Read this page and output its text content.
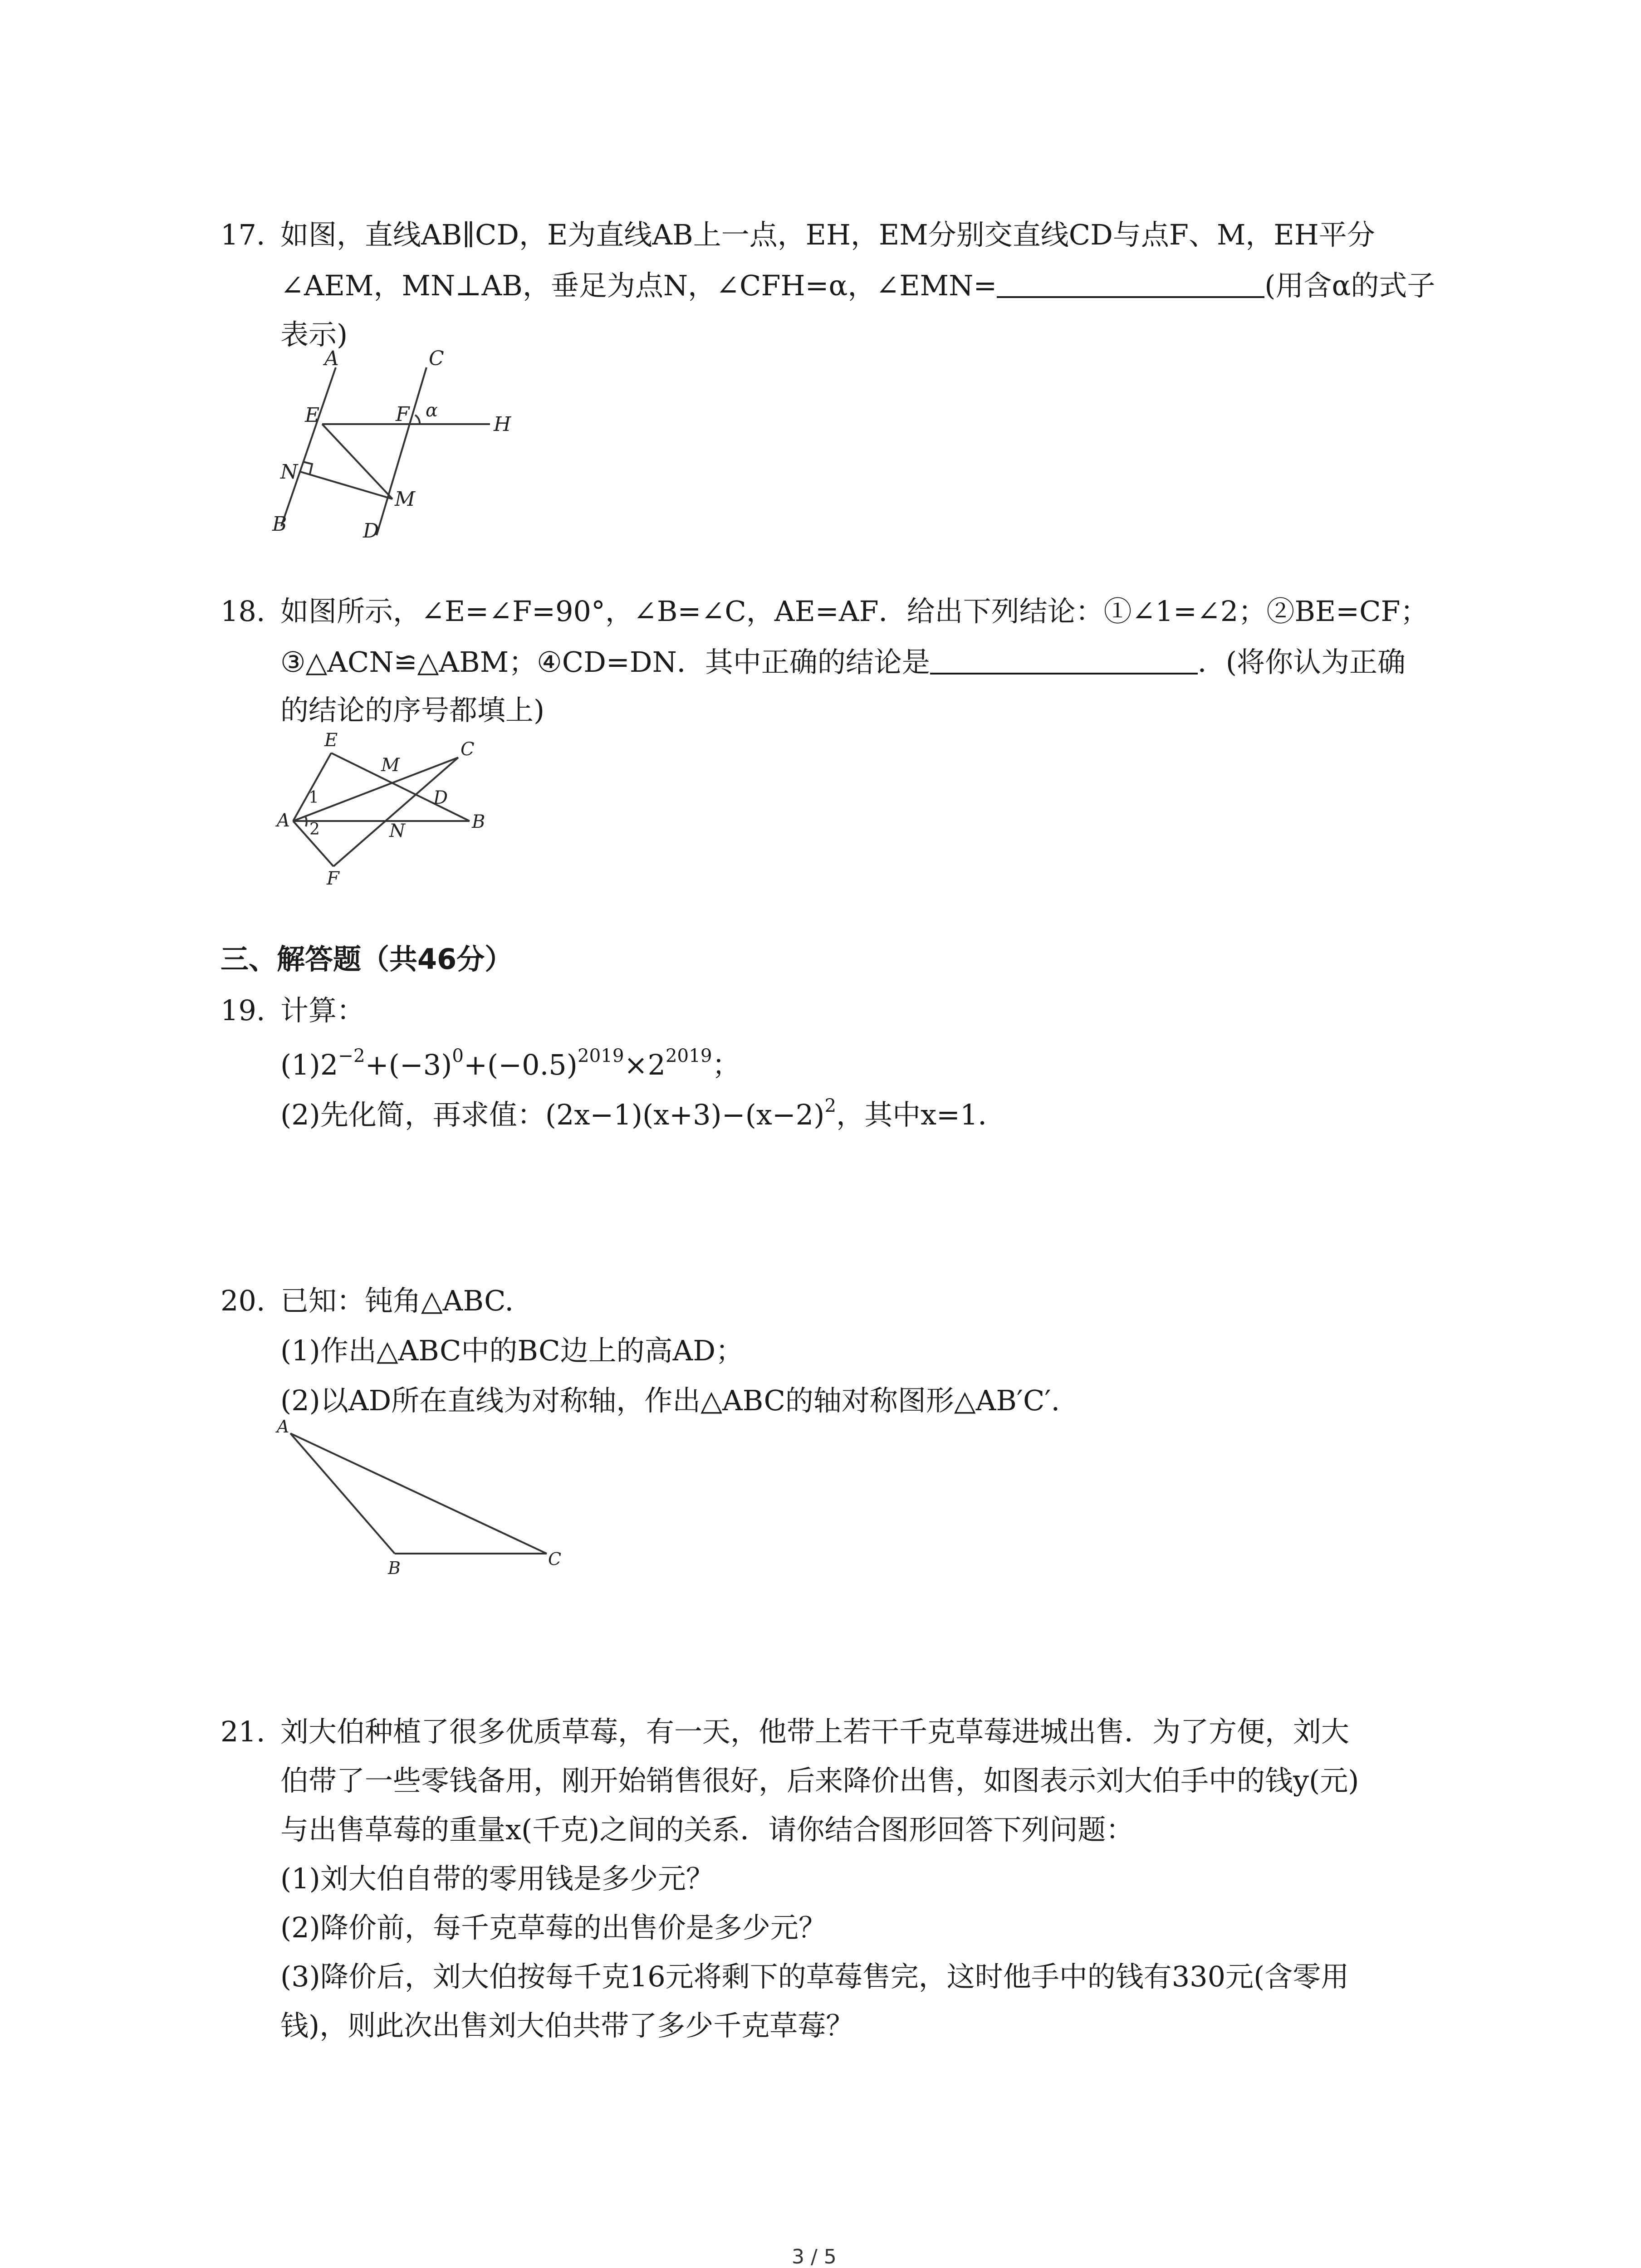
17. 如图，直线AB∥CD，E为直线AB上一点，EH，EM分别交直线CD与点F、M，EH平分
∠AEM，MN⊥AB，垂足为点N，∠CFH=α，∠EMN=	(用含α的式子
表示)
A	C
E	F α
H
N
M
B	D
18. 如图所示，∠E=∠F=90°，∠B=∠C，AE=AF．给出下列结论：①∠1=∠2；②BE=CF；
③△ACN≌△ABM；④CD=DN．其中正确的结论是	．(将你认为正确
的结论的序号都填上)
E
M
C
1	D
A 2	N	B
F
三、解答题（共46分）
19. 计算：
$(1)2^{-2}+(-3)^0+(-0.5)^{2019}\times 2^{2019}$；
(2)先化简，再求值：$(2x-1)(x+3)-(x-2)^2$，其中x=1．
20. 已知：钝角△ABC.
(1)作出△ABC中的BC边上的高AD；
(2)以AD所在直线为对称轴，作出△ABC的轴对称图形△AB′C′.
A
B	C
21. 刘大伯种植了很多优质草莓，有一天，他带上若干千克草莓进城出售．为了方便，刘大
伯带了一些零钱备用，刚开始销售很好，后来降价出售，如图表示刘大伯手中的钱y(元)
与出售草莓的重量x(千克)之间的关系．请你结合图形回答下列问题：
(1)刘大伯自带的零用钱是多少元？
(2)降价前，每千克草莓的出售价是多少元？
(3)降价后，刘大伯按每千克16元将剩下的草莓售完，这时他手中的钱有330元(含零用
钱)，则此次出售刘大伯共带了多少千克草莓？
3 / 5
